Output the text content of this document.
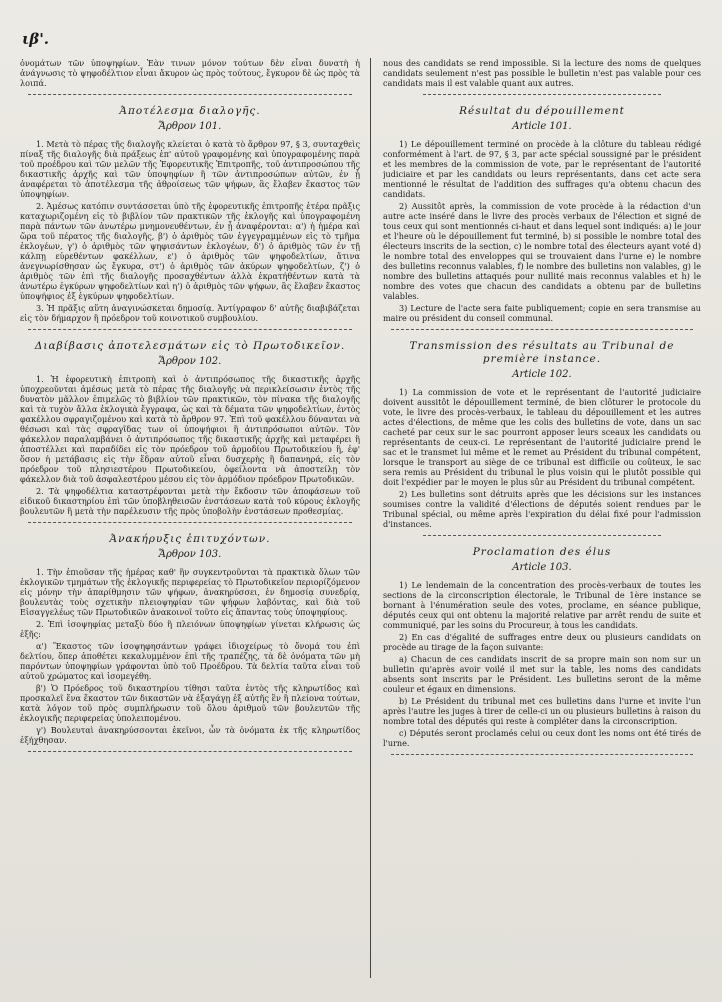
ιβ'.

ὀνομάτων τῶν ὑποψηφίων. Ἐὰν τινων μόνον τούτων δὲν εἶναι δυνατὴ ἡ ἀνάγνωσις τὸ ψηφοδέλτιον εἶναι ἄκυρον ὡς πρὸς τούτους, ἔγκυρον δὲ ὡς πρὸς τὰ λοιπά.

Ἀποτέλεσμα διαλογῆς.
Ἄρθρον 101.

1. Μετὰ τὸ πέρας τῆς διαλογῆς κλείεται ὁ κατὰ τὸ ἄρθρον 97, § 3, συνταχθεὶς πίναξ τῆς διαλογῆς διὰ πράξεως ἐπ' αὐτοῦ γραφομένης καὶ ὑπογραφομένης παρὰ τοῦ προέδρου καὶ τῶν μελῶν τῆς Ἐφορευτικῆς Ἐπιτροπῆς, τοῦ ἀντιπροσώπου τῆς δικαστικῆς ἀρχῆς καὶ τῶν ὑποψηφίων ἢ τῶν ἀντιπροσώπων αὐτῶν, ἐν ᾗ ἀναφέρεται τὸ ἀποτέλεσμα τῆς ἀθροίσεως τῶν ψήφων, ἃς ἔλαβεν ἕκαστος τῶν ὑποψηφίων.

2. Ἀμέσως κατόπιν συντάσσεται ὑπὸ τῆς ἐφορευτικῆς ἐπιτροπῆς ἑτέρα πρᾶξις καταχωριζομένη εἰς τὸ βιβλίον τῶν πρακτικῶν τῆς ἐκλογῆς καὶ ὑπογραφομένη παρὰ πάντων τῶν ἀνωτέρω μνημονευθέντων, ἐν ᾗ ἀναφέρονται: α') ἡ ἡμέρα καὶ ὥρα τοῦ πέρατος τῆς διαλογῆς, β') ὁ ἀριθμὸς τῶν ἐγγεγραμμένων εἰς τὸ τμῆμα ἐκλογέων, γ') ὁ ἀριθμὸς τῶν ψηφισάντων ἐκλογέων, δ') ὁ ἀριθμὸς τῶν ἐν τῇ κάλπῃ εὑρεθέντων φακέλλων, ε') ὁ ἀριθμὸς τῶν ψηφοδελτίων, ἅτινα ἀνεγνωρίσθησαν ὡς ἔγκυρα, στ') ὁ ἀριθμὸς τῶν ἀκύρων ψηφοδελτίων, ζ') ὁ ἀριθμὸς τῶν ἐπὶ τῆς διαλογῆς προσαχθέντων ἀλλὰ ἐκρατήθέντων κατὰ τὰ ἀνωτέρω ἐγκύρων ψηφοδελτίων καὶ η') ὁ ἀριθμὸς τῶν ψήφων, ἃς ἔλαβεν ἕκαστος ὑποψήφιος ἐξ ἐγκύρων ψηφοδελτίων.

3. Ἡ πρᾶξις αὕτη ἀναγινώσκεται δημοσίᾳ. Ἀντίγραφον δ' αὐτῆς διαβιβάζεται εἰς τὸν δήμαρχον ἢ πρόεδρον τοῦ κοινοτικοῦ συμβουλίου.

Διαβίβασις ἀποτελεσμάτων εἰς τὸ Πρωτοδικεῖον.
Ἄρθρον 102.

1. Ἡ ἐφορευτικὴ ἐπιτροπὴ καὶ ὁ ἀντιπρόσωπος τῆς δικαστικῆς ἀρχῆς ὑποχρεοῦνται ἀμέσως μετὰ τὸ πέρας τῆς διαλογῆς νὰ περικλείσωσιν ἐντὸς τῆς δυνατὸν μᾶλλον ἐπιμελῶς τὸ βιβλίον τῶν πρακτικῶν, τὸν πίνακα τῆς διαλογῆς καὶ τὰ τυχὸν ἄλλα ἐκλογικὰ ἔγγραφα, ὡς καὶ τὰ δέματα τῶν ψηφοδελτίων, ἐντὸς φακέλλου σφραγιζομένου καὶ κατὰ τὸ ἄρθρον 97. Ἐπὶ τοῦ φακέλλου δύνανται νὰ θέσωσι καὶ τὰς σφραγῖδας των οἱ ὑποψήφιοι ἢ ἀντιπρόσωποι αὐτῶν. Τὸν φάκελλον παραλαμβάνει ὁ ἀντιπρόσωπος τῆς δικαστικῆς ἀρχῆς καὶ μεταφέρει ἢ ἀποστέλλει καὶ παραδίδει εἰς τὸν πρόεδρον τοῦ ἁρμοδίου Πρωτοδικείου ἢ, ἐφ' ὅσον ἡ μετάβασις εἰς τὴν ἕδραν αὐτοῦ εἶναι δυσχερὴς ἢ δαπανηρά, εἰς τὸν πρόεδρον τοῦ πλησιεστέρου Πρωτοδικείου, ὀφείλοντα νὰ ἀποστείλῃ τὸν φάκελλον διὰ τοῦ ἀσφαλεστέρου μέσου εἰς τὸν ἁρμόδιον πρόεδρον Πρωτοδικῶν.

2. Τὰ ψηφοδέλτια καταστρέφονται μετὰ τὴν ἔκδοσιν τῶν ἀποφάσεων τοῦ εἰδικοῦ δικαστηρίου ἐπὶ τῶν ὑποβληθεισῶν ἐνστάσεων κατὰ τοῦ κύρους ἐκλογῆς βουλευτῶν ἢ μετὰ τὴν παρέλευσιν τῆς πρὸς ὑποβολὴν ἐνστάσεων προθεσμίας.

Ἀνακήρυξις ἐπιτυχόντων.
Ἄρθρον 103.

1. Τὴν ἐπιοῦσαν τῆς ἡμέρας καθ' ἣν συγκεντροῦνται τὰ πρακτικὰ ὅλων τῶν ἐκλογικῶν τμημάτων τῆς ἐκλογικῆς περιφερείας τὸ Πρωτοδικεῖον περιορίζόμενον εἰς μόνην τὴν ἀπαρίθμησιν τῶν ψήφων, ἀνακηρύσσει, ἐν δημοσίᾳ συνεδρίᾳ, βουλευτὰς τοὺς σχετικὴν πλειοψηφίαν τῶν ψήφων λαβόντας, καὶ διὰ τοῦ Εἰσαγγελέως τῶν Πρωτοδικῶν ἀνακοινοῖ τοῦτο εἰς ἅπαντας τοὺς ὑποψηφίους.

2. Ἐπὶ ἰσοψηφίας μεταξὺ δύο ἢ πλειόνων ὑποψηφίων γίνεται κλήρωσις ὡς ἑξῆς:

α') Ἕκαστος τῶν ἰσοψηφησάντων γράφει ἰδιοχείρως τὸ ὄνομά του ἐπὶ δελτίου, ὅπερ ἀποθέτει κεκαλυμμένον ἐπὶ τῆς τραπέζης, τὰ δὲ ὀνόματα τῶν μὴ παρόντων ὑποψηφίων γράφονται ὑπὸ τοῦ Προέδρου. Τὰ δελτία ταῦτα εἶναι τοῦ αὐτοῦ χρώματος καὶ ἰσομεγέθη.

β') Ὁ Πρόεδρος τοῦ δικαστηρίου τίθησι ταῦτα ἐντὸς τῆς κληρωτίδος καὶ προσκαλεῖ ἕνα ἕκαστον τῶν δικαστῶν νὰ ἐξαγάγῃ ἐξ αὐτῆς ἓν ἢ πλείονα τούτων, κατὰ λόγον τοῦ πρὸς συμπλήρωσιν τοῦ ὅλου ἀριθμοῦ τῶν βουλευτῶν τῆς ἐκλογικῆς περιφερείας ὑπολειπομένου.

γ') Βουλευταὶ ἀνακηρύσσονται ἐκεῖνοι, ὧν τὰ ὀνόματα ἐκ τῆς κληρωτίδος ἐξήχθησαν.

nous des candidats se rend impossible. Si la lecture des noms de quelques candidats seulement n'est pas possible le bulletin n'est pas valable pour ces candidats mais il est valable quant aux autres.

Résultat du dépouillement
Article 101.

1) Le dépouillement terminé on procède à la clôture du tableau rédigé conformément à l'art. de 97, § 3, par acte spécial soussigné par le président et les membres de la commission de vote, par le représentant de l'autorité judiciaire et par les candidats ou leurs représentants, dans cet acte sera mentionné le résultat de l'addition des suffrages qu'a obtenu chacun des candidats.

2) Aussitôt après, la commission de vote procède à la rédaction d'un autre acte inséré dans le livre des procès verbaux de l'élection et signé de tous ceux qui sont mentionnés ci-haut et dans lequel sont indiqués: a) le jour et l'heure où le dépouillement fut terminé, b) si possible le nombre total des électeurs inscrits de la section, c) le nombre total des électeurs ayant voté d) le nombre total des enveloppes qui se trouvaient dans l'urne e) le nombre des bulletins reconnus valables, f) le nombre des bulletins non valables, g) le nombre des bulletins attaqués pour nullité mais reconnus valables et h) le nombre des votes que chacun des candidats a obtenu par de bulletins valables.

3) Lecture de l'acte sera faite publiquement; copie en sera transmise au maire ou président du conseil communal.

Transmission des résultats au Tribunal de première instance.
Article 102.

1) La commission de vote et le représentant de l'autorité judiciaire doivent aussitôt le dépouillement terminé, de bien clôturer le protocole du vote, le livre des procès-verbaux, le tableau du dépouillement et les autres actes d'élections, de même que les colis des bulletins de vote, dans un sac cacheté par ceux sur le sac pourront apposer leurs sceaux les candidats ou représentants de ceux-ci. Le représentant de l'autorité judiciaire prend le sac et le transmet lui même et le remet au Président du tribunal compétent, lorsque le transport au siège de ce tribunal est difficile ou coûteux, le sac sera remis au Président du tribunal le plus voisin qui le plutôt possible qui doit l'expédier par le moyen le plus sûr au Président du tribunal compétent.

2) Les bulletins sont détruits après que les décisions sur les instances soumises contre la validité d'élections de députés soient rendues par le Tribunal spécial, ou même après l'expiration du délai fixé pour l'admission d'instances.

Proclamation des élus
Article 103.

1) Le lendemain de la concentration des procès-verbaux de toutes les sections de la circonscription électorale, le Tribunal de 1ère instance se bornant à l'énumération seule des votes, proclame, en séance publique, députés ceux qui ont obtenu la majorité relative par arrêt rendu de suite et communiqué, par les soins du Procureur, à tous les candidats.

2) En cas d'égalité de suffrages entre deux ou plusieurs candidats on procède au tirage de la façon suivante:

a) Chacun de ces candidats inscrit de sa propre main son nom sur un bulletin qu'après avoir voilé il met sur la table, les noms des candidats absents sont inscrits par le Président. Les bulletins seront de la même couleur et égaux en dimensions.

b) Le Président du tribunal met ces bulletins dans l'urne et invite l'un après l'autre les juges à tirer de celle-ci un ou plusieurs bulletins à raison du nombre total des députés qui reste à compléter dans la circonscription.

c) Députés seront proclamés celui ou ceux dont les noms ont été tirés de l'urne.
